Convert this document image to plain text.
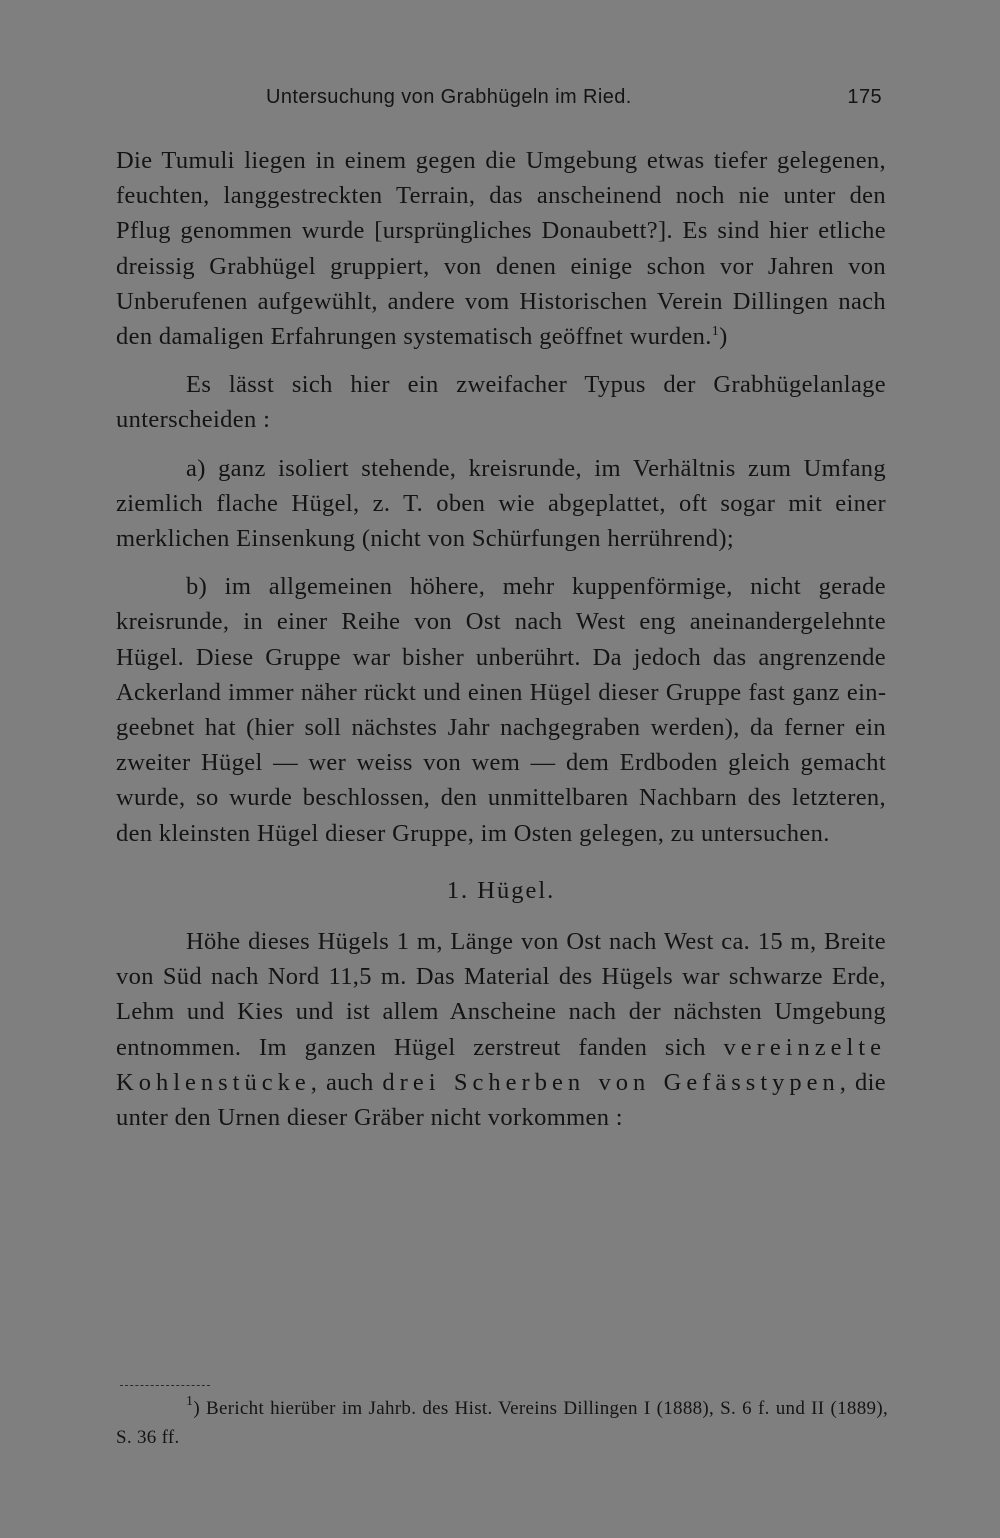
Untersuchung von Grabhügeln im Ried.	175

Die Tumuli liegen in einem gegen die Umgebung etwas tiefer gelegenen, feuchten, langgestreckten Terrain, das anscheinend noch nie unter den Pflug genommen wurde [ursprüngliches Donaubett?]. Es sind hier etliche dreissig Grabhügel gruppiert, von denen einige schon vor Jahren von Unberufenen aufgewühlt, andere vom Historischen Verein Dillingen nach den damaligen Erfahrungen systematisch geöffnet wurden.$^1$)

Es lässt sich hier ein zweifacher Typus der Grabhügelanlage unterscheiden :

a) ganz isoliert stehende, kreisrunde, im Verhältnis zum Umfang ziemlich flache Hügel, z. T. oben wie abgeplattet, oft sogar mit einer merklichen Einsenkung (nicht von Schürfungen herrührend);

b) im allgemeinen höhere, mehr kuppenförmige, nicht gerade kreisrunde, in einer Reihe von Ost nach West eng aneinandergelehnte Hügel. Diese Gruppe war bisher unberührt. Da jedoch das angrenzende Ackerland immer näher rückt und einen Hügel dieser Gruppe fast ganz eingeebnet hat (hier soll nächstes Jahr nachgegraben werden), da ferner ein zweiter Hügel — wer weiss von wem — dem Erdboden gleich gemacht wurde, so wurde beschlossen, den unmittelbaren Nachbarn des letzteren, den kleinsten Hügel dieser Gruppe, im Osten gelegen, zu untersuchen.

1. Hügel.

Höhe dieses Hügels 1 m, Länge von Ost nach West ca. 15 m, Breite von Süd nach Nord 11,5 m. Das Material des Hügels war schwarze Erde, Lehm und Kies und ist allem Anscheine nach der nächsten Umgebung entnommen. Im ganzen Hügel zerstreut fanden sich vereinzelte Kohlenstücke, auch drei Scherben von Gefässtypen, die unter den Urnen dieser Gräber nicht vorkommen :

$^1$) Bericht hierüber im Jahrb. des Hist. Vereins Dillingen I (1888), S. 6 f. und II (1889), S. 36 ff.
